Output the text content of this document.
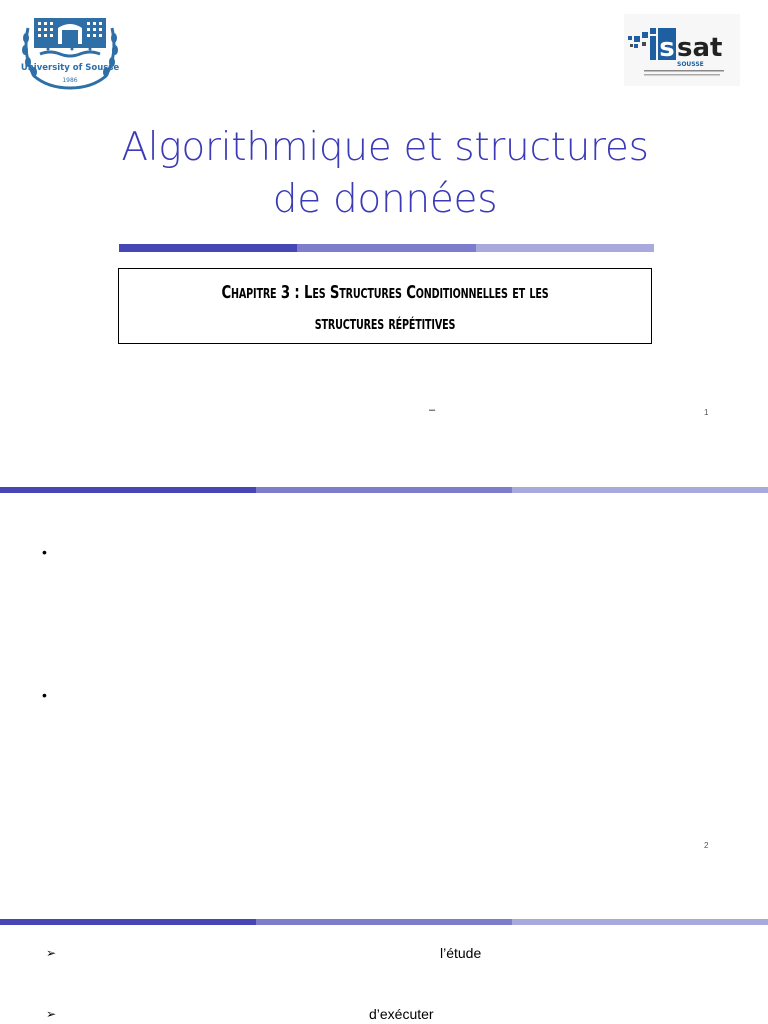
University of Sousse
1986
s sat
SOUSSE
Algorithmique et structures
de données
Chapitre 3 : Les Structures Conditionnelles et les
structures répétitives
–	1
•
•
2
➢	l’étude
➢	d’exécuter
